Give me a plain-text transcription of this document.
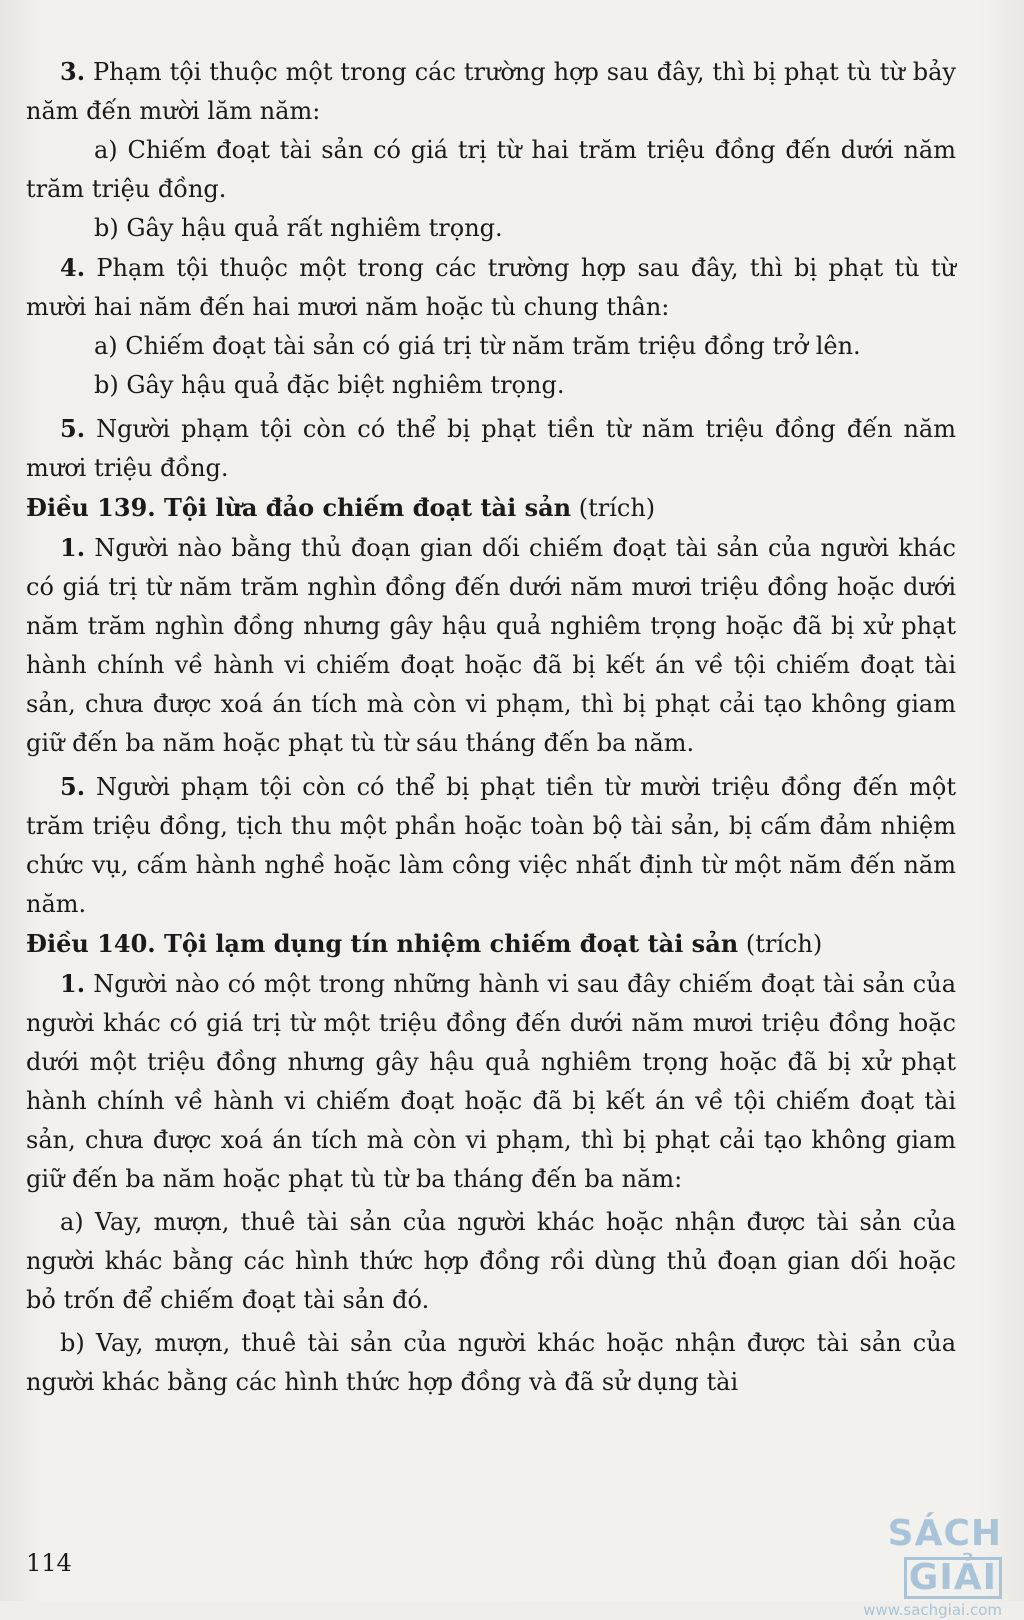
3. Phạm tội thuộc một trong các trường hợp sau đây, thì bị phạt tù từ bảy năm đến mười lăm năm:

a) Chiếm đoạt tài sản có giá trị từ hai trăm triệu đồng đến dưới năm trăm triệu đồng.

b) Gây hậu quả rất nghiêm trọng.

4. Phạm tội thuộc một trong các trường hợp sau đây, thì bị phạt tù từ mười hai năm đến hai mươi năm hoặc tù chung thân:

a) Chiếm đoạt tài sản có giá trị từ năm trăm triệu đồng trở lên.

b) Gây hậu quả đặc biệt nghiêm trọng.

5. Người phạm tội còn có thể bị phạt tiền từ năm triệu đồng đến năm mươi triệu đồng.

Điều 139. Tội lừa đảo chiếm đoạt tài sản (trích)

1. Người nào bằng thủ đoạn gian dối chiếm đoạt tài sản của người khác có giá trị từ năm trăm nghìn đồng đến dưới năm mươi triệu đồng hoặc dưới năm trăm nghìn đồng nhưng gây hậu quả nghiêm trọng hoặc đã bị xử phạt hành chính về hành vi chiếm đoạt hoặc đã bị kết án về tội chiếm đoạt tài sản, chưa được xoá án tích mà còn vi phạm, thì bị phạt cải tạo không giam giữ đến ba năm hoặc phạt tù từ sáu tháng đến ba năm.

5. Người phạm tội còn có thể bị phạt tiền từ mười triệu đồng đến một trăm triệu đồng, tịch thu một phần hoặc toàn bộ tài sản, bị cấm đảm nhiệm chức vụ, cấm hành nghề hoặc làm công việc nhất định từ một năm đến năm năm.

Điều 140. Tội lạm dụng tín nhiệm chiếm đoạt tài sản (trích)

1. Người nào có một trong những hành vi sau đây chiếm đoạt tài sản của người khác có giá trị từ một triệu đồng đến dưới năm mươi triệu đồng hoặc dưới một triệu đồng nhưng gây hậu quả nghiêm trọng hoặc đã bị xử phạt hành chính về hành vi chiếm đoạt hoặc đã bị kết án về tội chiếm đoạt tài sản, chưa được xoá án tích mà còn vi phạm, thì bị phạt cải tạo không giam giữ đến ba năm hoặc phạt tù từ ba tháng đến ba năm:

a) Vay, mượn, thuê tài sản của người khác hoặc nhận được tài sản của người khác bằng các hình thức hợp đồng rồi dùng thủ đoạn gian dối hoặc bỏ trốn để chiếm đoạt tài sản đó.

b) Vay, mượn, thuê tài sản của người khác hoặc nhận được tài sản của người khác bằng các hình thức hợp đồng và đã sử dụng tài

114
SÁCHGIẢI
www.sachgiai.com
